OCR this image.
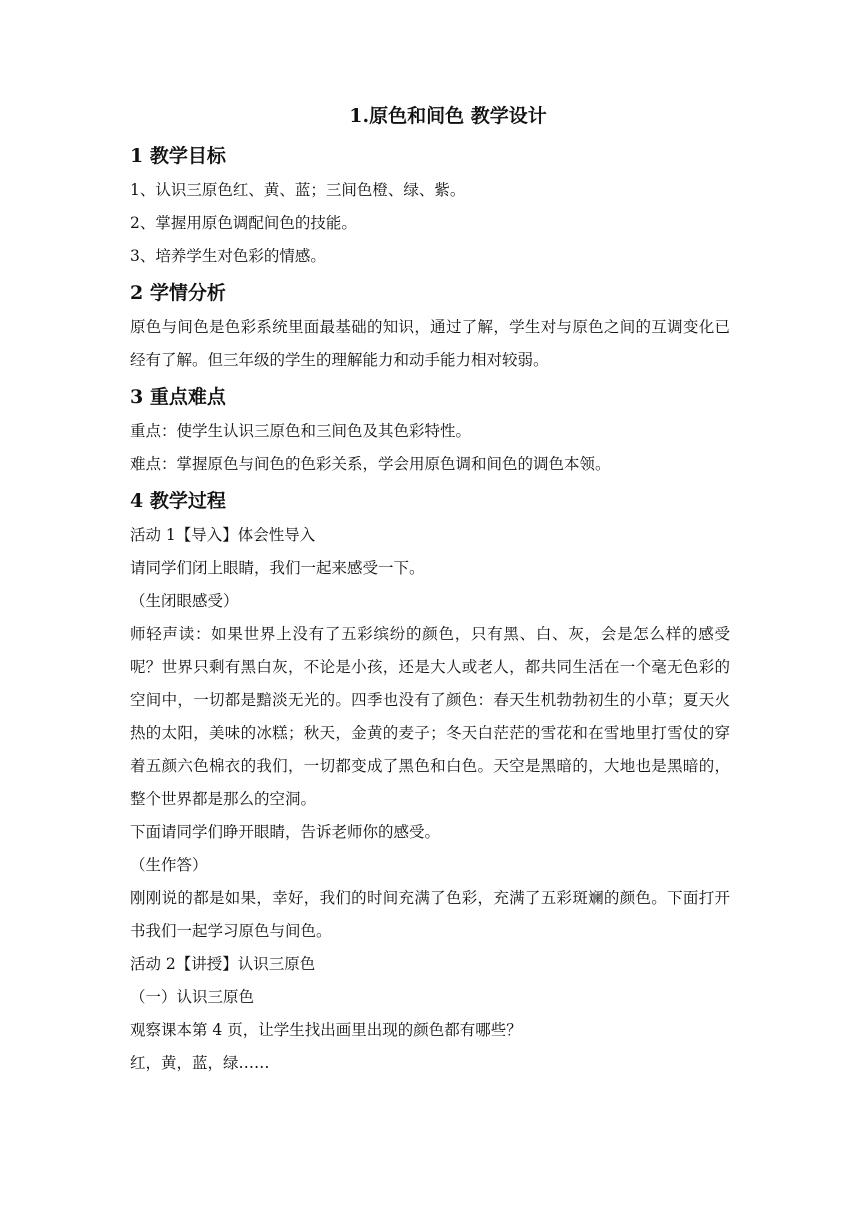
1.原色和间色 教学设计
1 教学目标

1、认识三原色红、黄、蓝；三间色橙、绿、紫。

2、掌握用原色调配间色的技能。

3、培养学生对色彩的情感。

2 学情分析

原色与间色是色彩系统里面最基础的知识，通过了解，学生对与原色之间的互调变化已经有了解。但三年级的学生的理解能力和动手能力相对较弱。

3 重点难点

重点：使学生认识三原色和三间色及其色彩特性。

难点：掌握原色与间色的色彩关系，学会用原色调和间色的调色本领。

4 教学过程

活动 1【导入】体会性导入

请同学们闭上眼睛，我们一起来感受一下。

（生闭眼感受）

师轻声读：如果世界上没有了五彩缤纷的颜色，只有黑、白、灰，会是怎么样的感受呢？世界只剩有黑白灰，不论是小孩，还是大人或老人，都共同生活在一个毫无色彩的空间中，一切都是黯淡无光的。四季也没有了颜色：春天生机勃勃初生的小草；夏天火热的太阳，美味的冰糕；秋天，金黄的麦子；冬天白茫茫的雪花和在雪地里打雪仗的穿着五颜六色棉衣的我们，一切都变成了黑色和白色。天空是黑暗的，大地也是黑暗的，整个世界都是那么的空洞。

下面请同学们睁开眼睛，告诉老师你的感受。

（生作答）

刚刚说的都是如果，幸好，我们的时间充满了色彩，充满了五彩斑斓的颜色。下面打开书我们一起学习原色与间色。

活动 2【讲授】认识三原色

（一）认识三原色

观察课本第 4 页，让学生找出画里出现的颜色都有哪些？

红，黄，蓝，绿……
